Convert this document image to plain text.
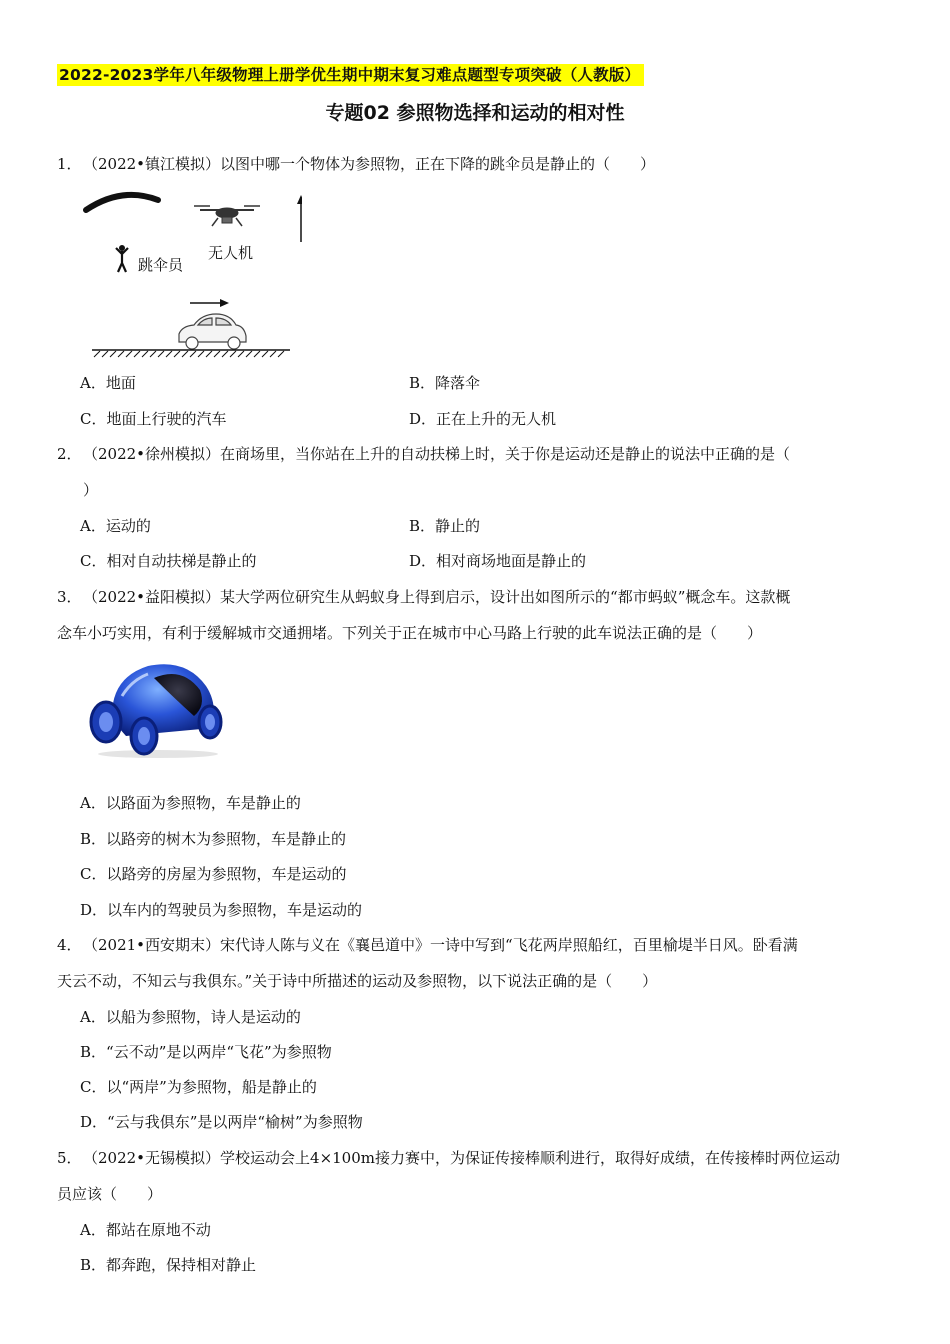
2022-2023学年八年级物理上册学优生期中期末复习难点题型专项突破（人教版）
专题02 参照物选择和运动的相对性
1．（2022•镇江模拟）以图中哪一个物体为参照物，正在下降的跳伞员是静止的（　　）
跳伞员
无人机
A．地面	B．降落伞
C．地面上行驶的汽车	D．正在上升的无人机
2．（2022•徐州模拟）在商场里，当你站在上升的自动扶梯上时，关于你是运动还是静止的说法中正确的是（
）
A．运动的	B．静止的
C．相对自动扶梯是静止的	D．相对商场地面是静止的
3．（2022•益阳模拟）某大学两位研究生从蚂蚁身上得到启示，设计出如图所示的“都市蚂蚁”概念车。这款概
念车小巧实用，有利于缓解城市交通拥堵。下列关于正在城市中心马路上行驶的此车说法正确的是（　　）
A．以路面为参照物，车是静止的
B．以路旁的树木为参照物，车是静止的
C．以路旁的房屋为参照物，车是运动的
D．以车内的驾驶员为参照物，车是运动的
4．（2021•西安期末）宋代诗人陈与义在《襄邑道中》一诗中写到“飞花两岸照船红，百里榆堤半日风。卧看满
天云不动，不知云与我俱东。”关于诗中所描述的运动及参照物，以下说法正确的是（　　）
A．以船为参照物，诗人是运动的
B．“云不动”是以两岸“飞花”为参照物
C．以“两岸”为参照物，船是静止的
D．“云与我俱东”是以两岸“榆树”为参照物
5．（2022•无锡模拟）学校运动会上4×100m接力赛中，为保证传接棒顺利进行，取得好成绩，在传接棒时两位运动
员应该（　　）
A．都站在原地不动
B．都奔跑，保持相对静止
